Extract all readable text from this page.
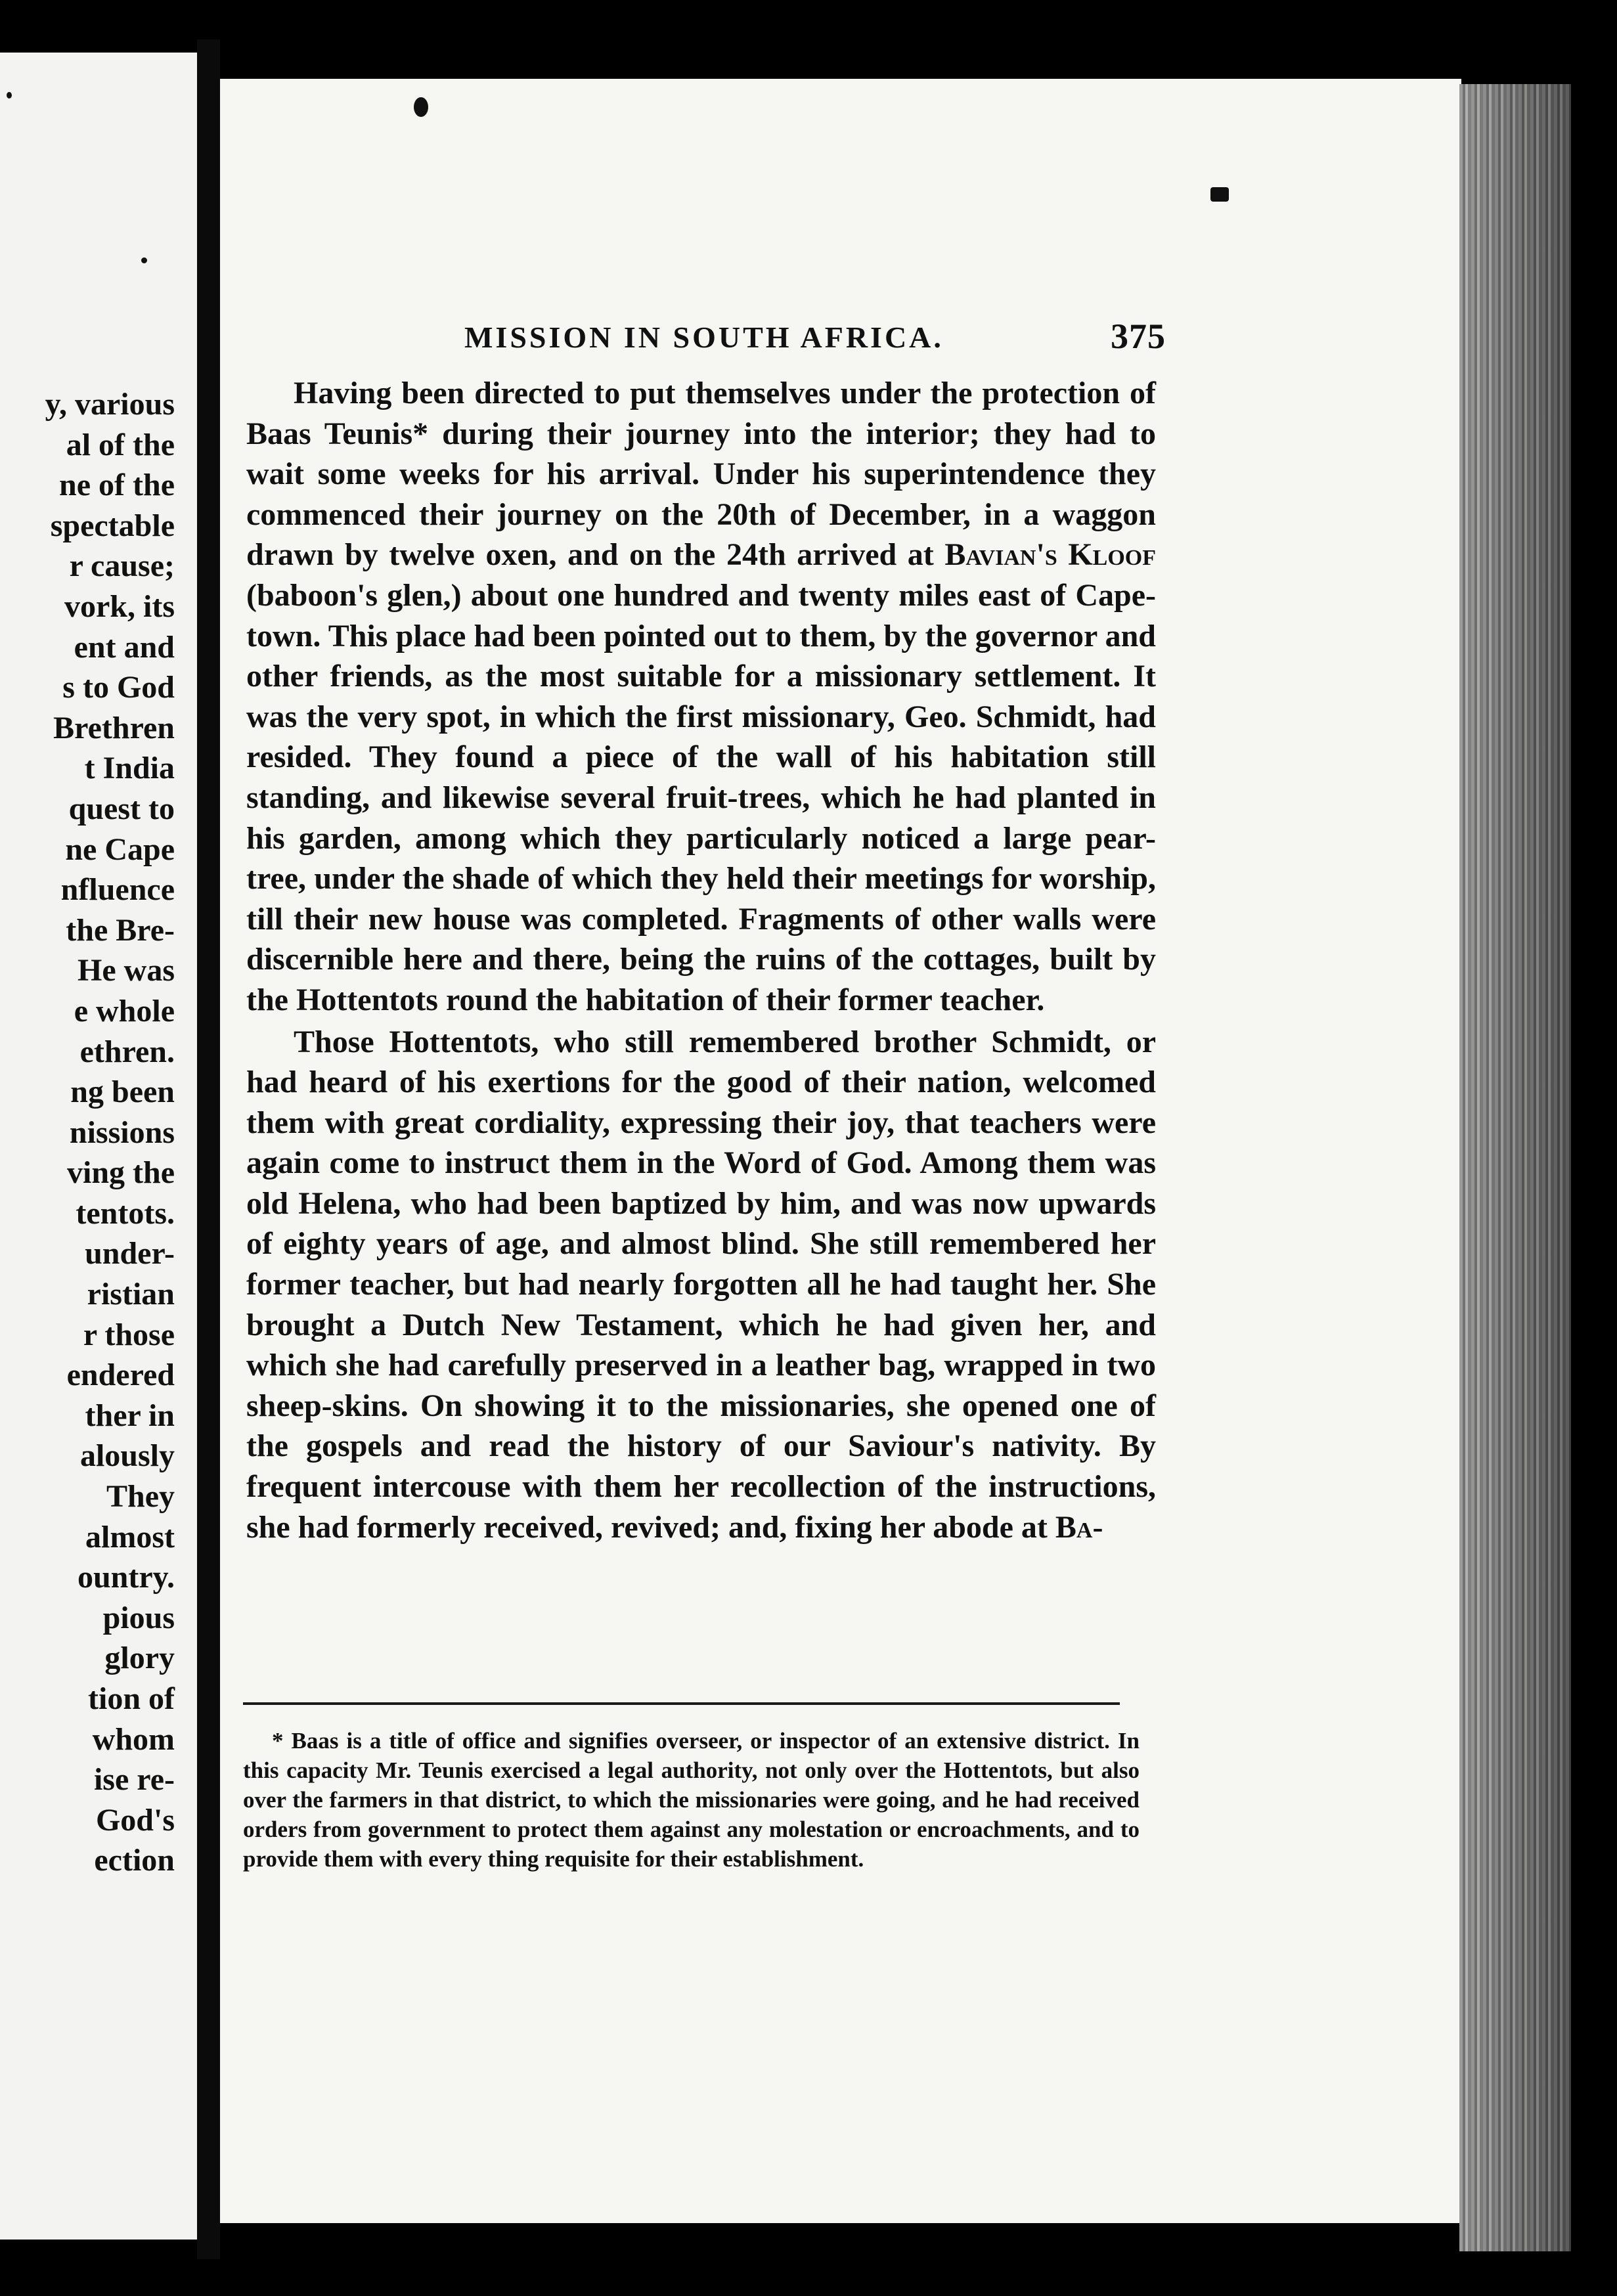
y, various
al of the
ne of the
spectable
r cause;
vork, its
ent and
s to God
Brethren
t India
quest to
ne Cape
nfluence
the Bre-
He was
e whole
ethren.
ng been
nissions
ving the
tentots.
under-
ristian
r those
endered
ther in
alously
They
almost
ountry.
pious
glory
tion of
whom
ise re-
God's
ection
MISSION IN SOUTH AFRICA.	375

Having been directed to put themselves under the protection of Baas Teunis* during their journey into the interior; they had to wait some weeks for his arrival. Under his superintendence they commenced their journey on the 20th of December, in a waggon drawn by twelve oxen, and on the 24th arrived at Bavian's Kloof (baboon's glen,) about one hundred and twenty miles east of Cape-town. This place had been pointed out to them, by the governor and other friends, as the most suitable for a missionary settlement. It was the very spot, in which the first missionary, Geo. Schmidt, had resided. They found a piece of the wall of his habitation still standing, and likewise several fruit-trees, which he had planted in his garden, among which they particularly noticed a large pear-tree, under the shade of which they held their meetings for worship, till their new house was completed. Fragments of other walls were discernible here and there, being the ruins of the cottages, built by the Hottentots round the habitation of their former teacher.

Those Hottentots, who still remembered brother Schmidt, or had heard of his exertions for the good of their nation, welcomed them with great cordiality, expressing their joy, that teachers were again come to instruct them in the Word of God. Among them was old Helena, who had been baptized by him, and was now upwards of eighty years of age, and almost blind. She still remembered her former teacher, but had nearly forgotten all he had taught her. She brought a Dutch New Testament, which he had given her, and which she had carefully preserved in a leather bag, wrapped in two sheep-skins. On showing it to the missionaries, she opened one of the gospels and read the history of our Saviour's nativity. By frequent intercouse with them her recollection of the instructions, she had formerly received, revived; and, fixing her abode at Ba-

* Baas is a title of office and signifies overseer, or inspector of an extensive district. In this capacity Mr. Teunis exercised a legal authority, not only over the Hottentots, but also over the farmers in that district, to which the missionaries were going, and he had received orders from government to protect them against any molestation or encroachments, and to provide them with every thing requisite for their establishment.
